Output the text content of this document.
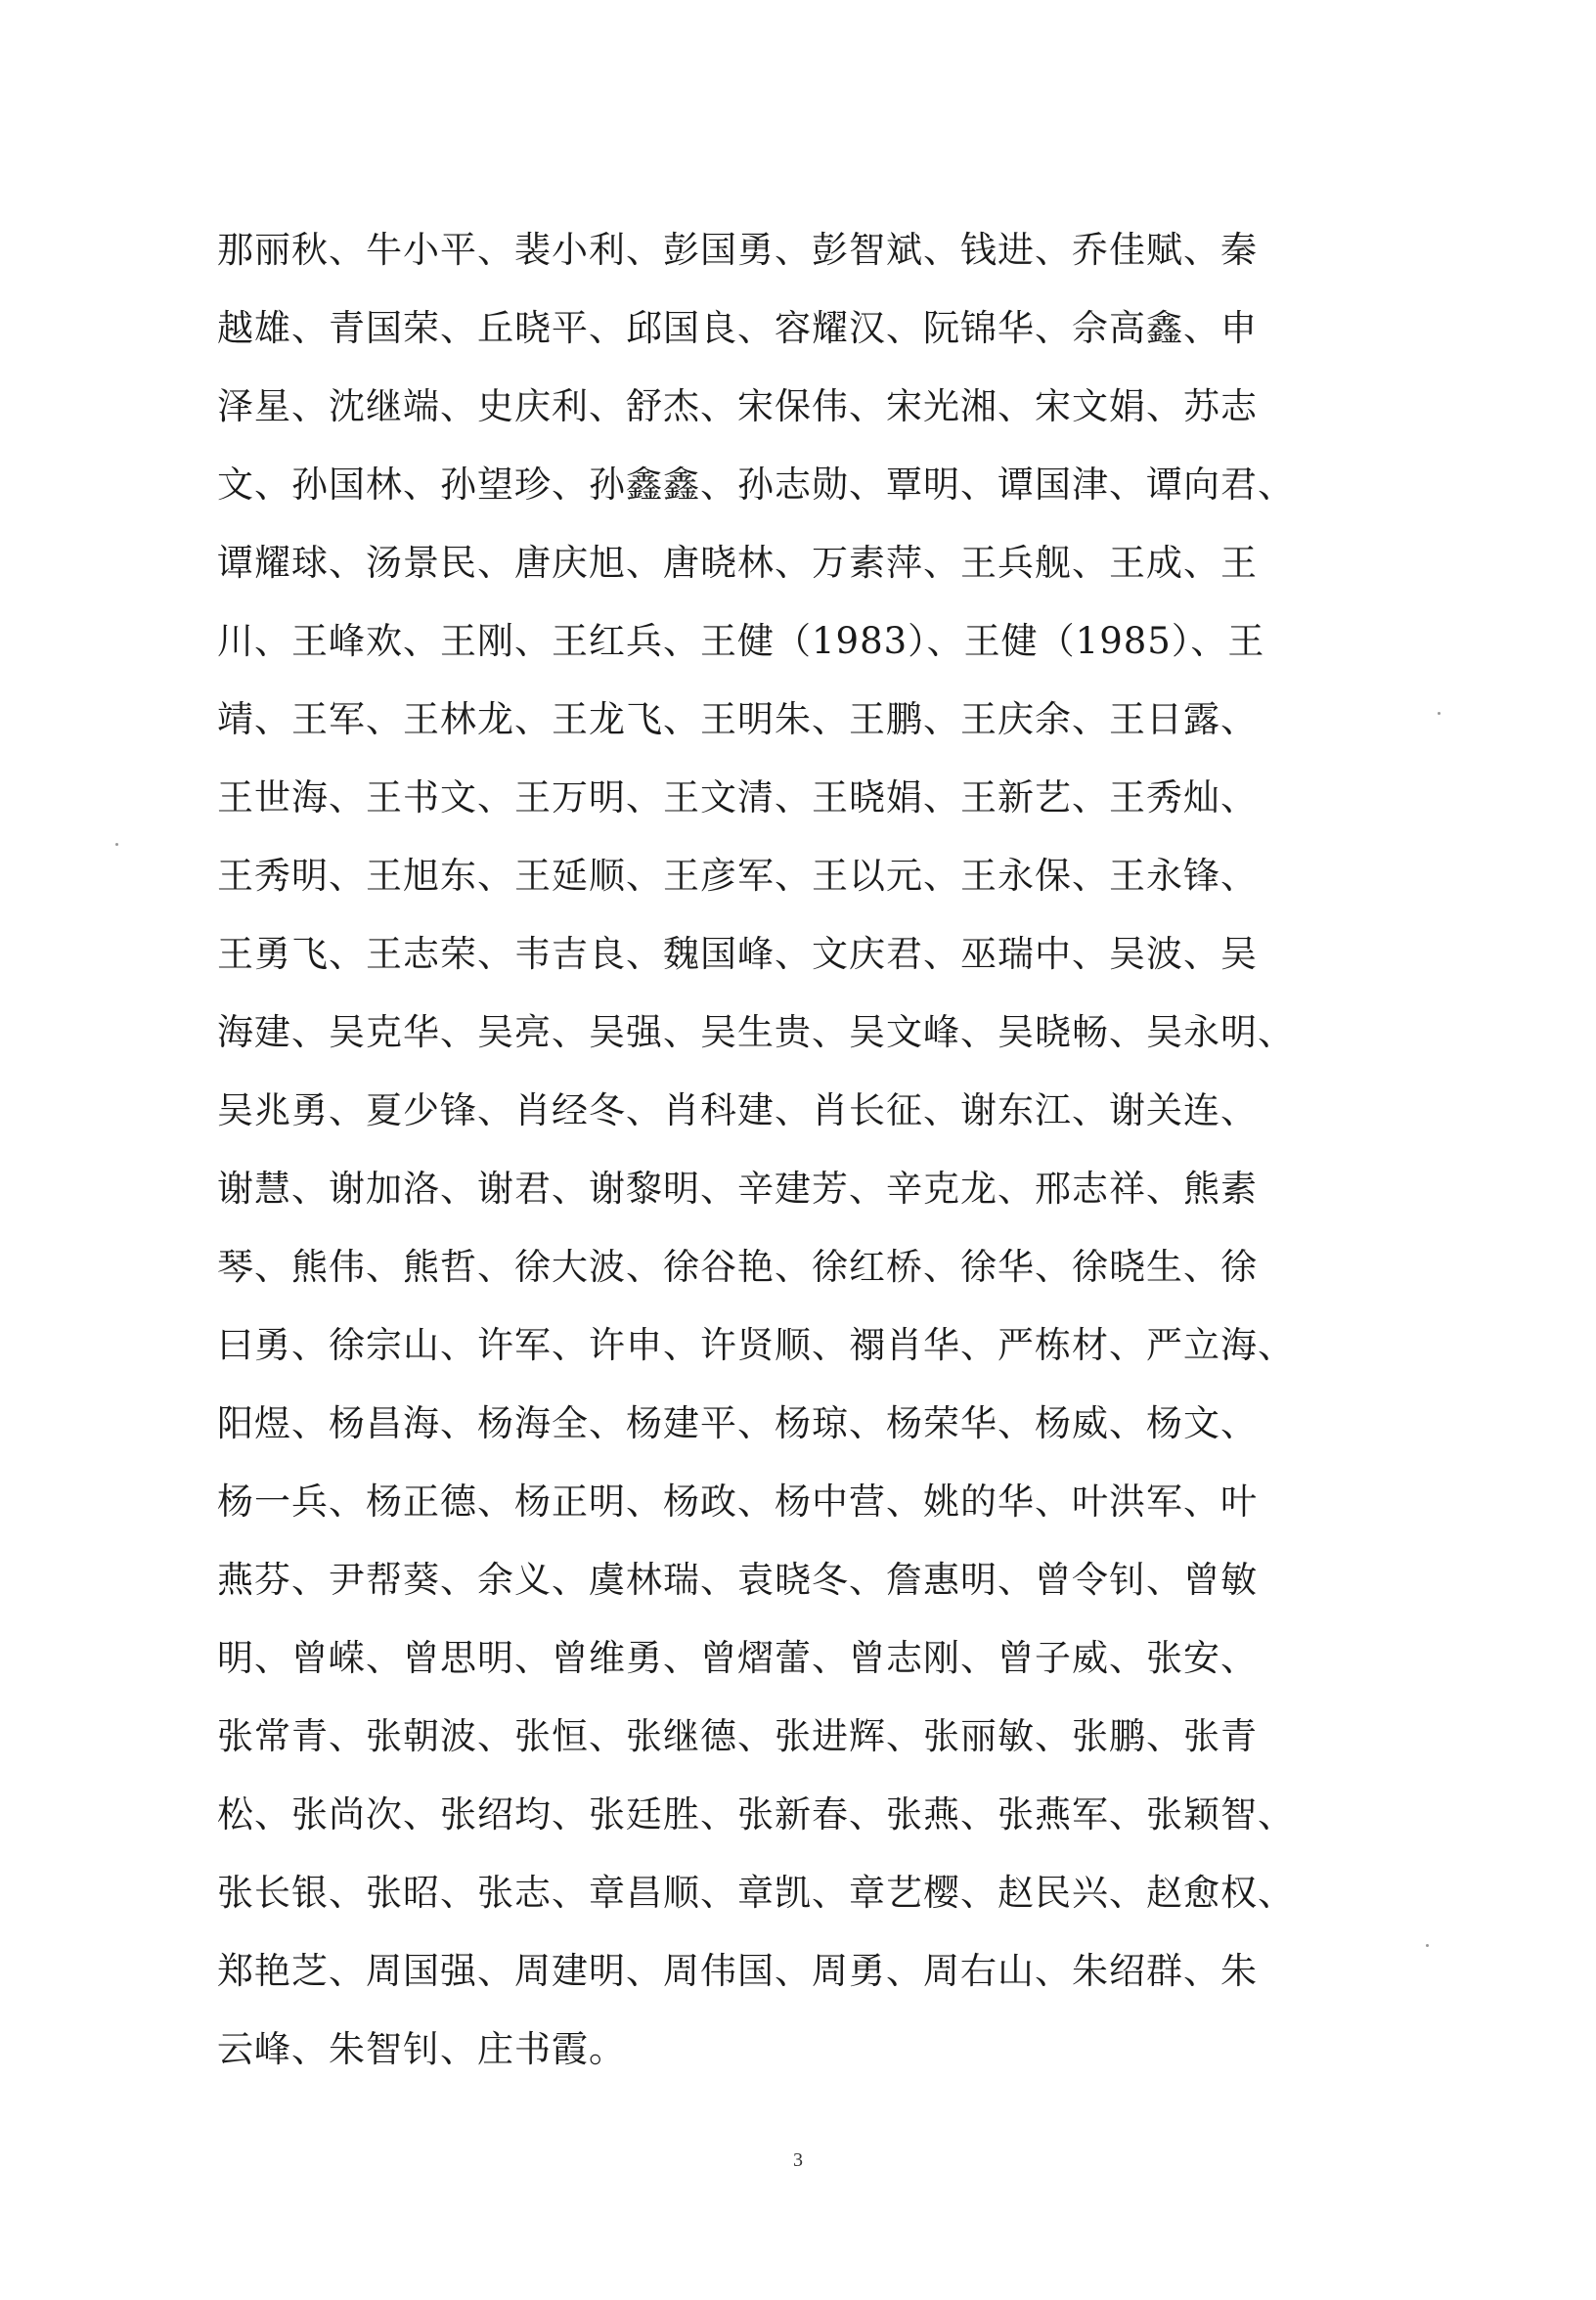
那丽秋、牛小平、裴小利、彭国勇、彭智斌、钱进、乔佳赋、秦
越雄、青国荣、丘晓平、邱国良、容耀汉、阮锦华、佘高鑫、申
泽星、沈继端、史庆利、舒杰、宋保伟、宋光湘、宋文娟、苏志
文、孙国林、孙望珍、孙鑫鑫、孙志勋、覃明、谭国津、谭向君、
谭耀球、汤景民、唐庆旭、唐晓林、万素萍、王兵舰、王成、王
川、王峰欢、王刚、王红兵、王健（1983）、王健（1985）、王
靖、王军、王林龙、王龙飞、王明朱、王鹏、王庆余、王日露、
王世海、王书文、王万明、王文清、王晓娟、王新艺、王秀灿、
王秀明、王旭东、王延顺、王彦军、王以元、王永保、王永锋、
王勇飞、王志荣、韦吉良、魏国峰、文庆君、巫瑞中、吴波、吴
海建、吴克华、吴亮、吴强、吴生贵、吴文峰、吴晓畅、吴永明、
吴兆勇、夏少锋、肖经冬、肖科建、肖长征、谢东江、谢关连、
谢慧、谢加洛、谢君、谢黎明、辛建芳、辛克龙、邢志祥、熊素
琴、熊伟、熊哲、徐大波、徐谷艳、徐红桥、徐华、徐晓生、徐
曰勇、徐宗山、许军、许申、许贤顺、禤肖华、严栋材、严立海、
阳煜、杨昌海、杨海全、杨建平、杨琼、杨荣华、杨威、杨文、
杨一兵、杨正德、杨正明、杨政、杨中营、姚的华、叶洪军、叶
燕芬、尹帮葵、余义、虞林瑞、袁晓冬、詹惠明、曾令钊、曾敏
明、曾嵘、曾思明、曾维勇、曾熠蕾、曾志刚、曾子威、张安、
张常青、张朝波、张恒、张继德、张进辉、张丽敏、张鹏、张青
松、张尚次、张绍均、张廷胜、张新春、张燕、张燕军、张颖智、
张长银、张昭、张志、章昌顺、章凯、章艺樱、赵民兴、赵愈权、
郑艳芝、周国强、周建明、周伟国、周勇、周右山、朱绍群、朱
云峰、朱智钊、庄书霞。
3
